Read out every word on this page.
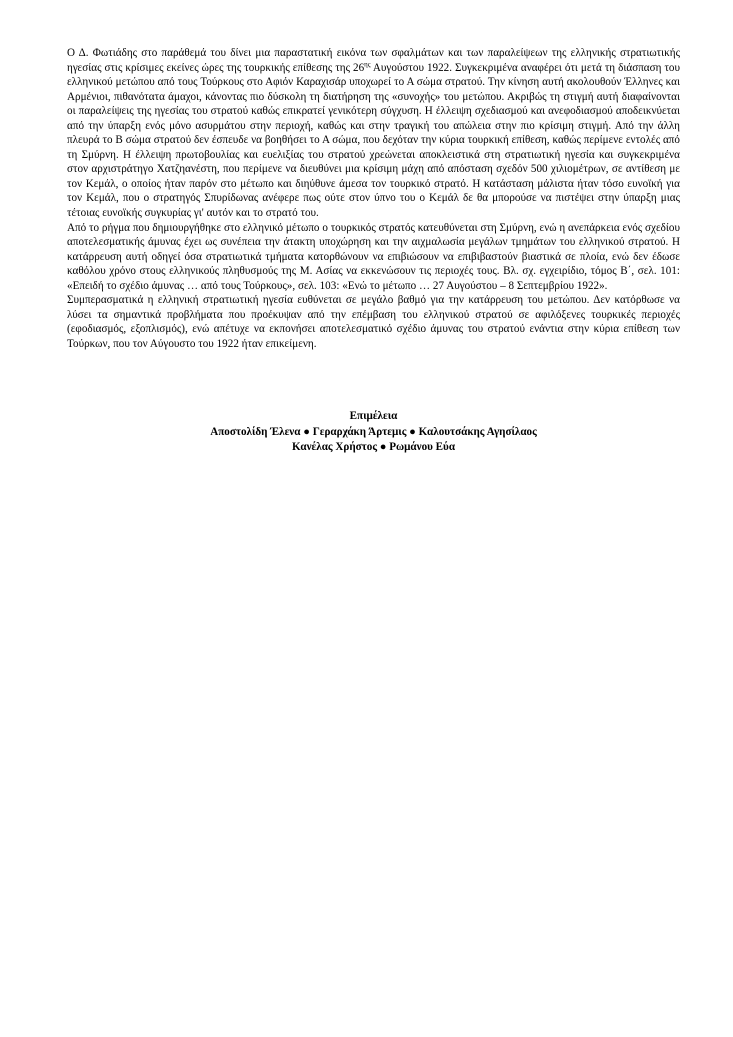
Ο Δ. Φωτιάδης στο παράθεμά του δίνει μια παραστατική εικόνα των σφαλμάτων και των παραλείψεων της ελληνικής στρατιωτικής ηγεσίας στις κρίσιμες εκείνες ώρες της τουρκικής επίθεσης της $26^{\eta\varsigma}$ Αυγούστου 1922. Συγκεκριμένα αναφέρει ότι μετά τη διάσπαση του ελληνικού μετώπου από τους Τούρκους στο Αφιόν Καραχισάρ υποχωρεί το Α σώμα στρατού. Την κίνηση αυτή ακολουθούν Έλληνες και Αρμένιοι, πιθανότατα άμαχοι, κάνοντας πιο δύσκολη τη διατήρηση της «συνοχής» του μετώπου. Ακριβώς τη στιγμή αυτή διαφαίνονται οι παραλείψεις της ηγεσίας του στρατού καθώς επικρατεί γενικότερη σύγχυση. Η έλλειψη σχεδιασμού και ανεφοδιασμού αποδεικνύεται από την ύπαρξη ενός μόνο ασυρμάτου στην περιοχή, καθώς και στην τραγική του απώλεια στην πιο κρίσιμη στιγμή. Από την άλλη πλευρά το Β σώμα στρατού δεν έσπευδε να βοηθήσει το Α σώμα, που δεχόταν την κύρια τουρκική επίθεση, καθώς περίμενε εντολές από τη Σμύρνη. Η έλλειψη πρωτοβουλίας και ευελιξίας του στρατού χρεώνεται αποκλειστικά στη στρατιωτική ηγεσία και συγκεκριμένα στον αρχιστράτηγο Χατζηανέστη, που περίμενε να διευθύνει μια κρίσιμη μάχη από απόσταση σχεδόν 500 χιλιομέτρων, σε αντίθεση με τον Κεμάλ, ο οποίος ήταν παρόν στο μέτωπο και διηύθυνε άμεσα τον τουρκικό στρατό. Η κατάσταση μάλιστα ήταν τόσο ευνοϊκή για τον Κεμάλ, που ο στρατηγός Σπυρίδωνας ανέφερε πως ούτε στον ύπνο του ο Κεμάλ δε θα μπορούσε να πιστέψει στην ύπαρξη μιας τέτοιας ευνοϊκής συγκυρίας γι' αυτόν και το στρατό του.

Από το ρήγμα που δημιουργήθηκε στο ελληνικό μέτωπο ο τουρκικός στρατός κατευθύνεται στη Σμύρνη, ενώ η ανεπάρκεια ενός σχεδίου αποτελεσματικής άμυνας έχει ως συνέπεια την άτακτη υποχώρηση και την αιχμαλωσία μεγάλων τμημάτων του ελληνικού στρατού. Η κατάρρευση αυτή οδηγεί όσα στρατιωτικά τμήματα κατορθώνουν να επιβιώσουν να επιβιβαστούν βιαστικά σε πλοία, ενώ δεν έδωσε καθόλου χρόνο στους ελληνικούς πληθυσμούς της Μ. Ασίας να εκκενώσουν τις περιοχές τους. Βλ. σχ. εγχειρίδιο, τόμος Β΄, σελ. 101: «Επειδή το σχέδιο άμυνας … από τους Τούρκους», σελ. 103: «Ενώ το μέτωπο … 27 Αυγούστου – 8 Σεπτεμβρίου 1922».

Συμπερασματικά η ελληνική στρατιωτική ηγεσία ευθύνεται σε μεγάλο βαθμό για την κατάρρευση του μετώπου. Δεν κατόρθωσε να λύσει τα σημαντικά προβλήματα που προέκυψαν από την επέμβαση του ελληνικού στρατού σε αφιλόξενες τουρκικές περιοχές (εφοδιασμός, εξοπλισμός), ενώ απέτυχε να εκπονήσει αποτελεσματικό σχέδιο άμυνας του στρατού ενάντια στην κύρια επίθεση των Τούρκων, που τον Αύγουστο του 1922 ήταν επικείμενη.

Επιμέλεια
Αποστολίδη Έλενα ● Γεραρχάκη Άρτεμις ● Καλουτσάκης Αγησίλαος
Κανέλας Χρήστος ● Ρωμάνου Εύα
